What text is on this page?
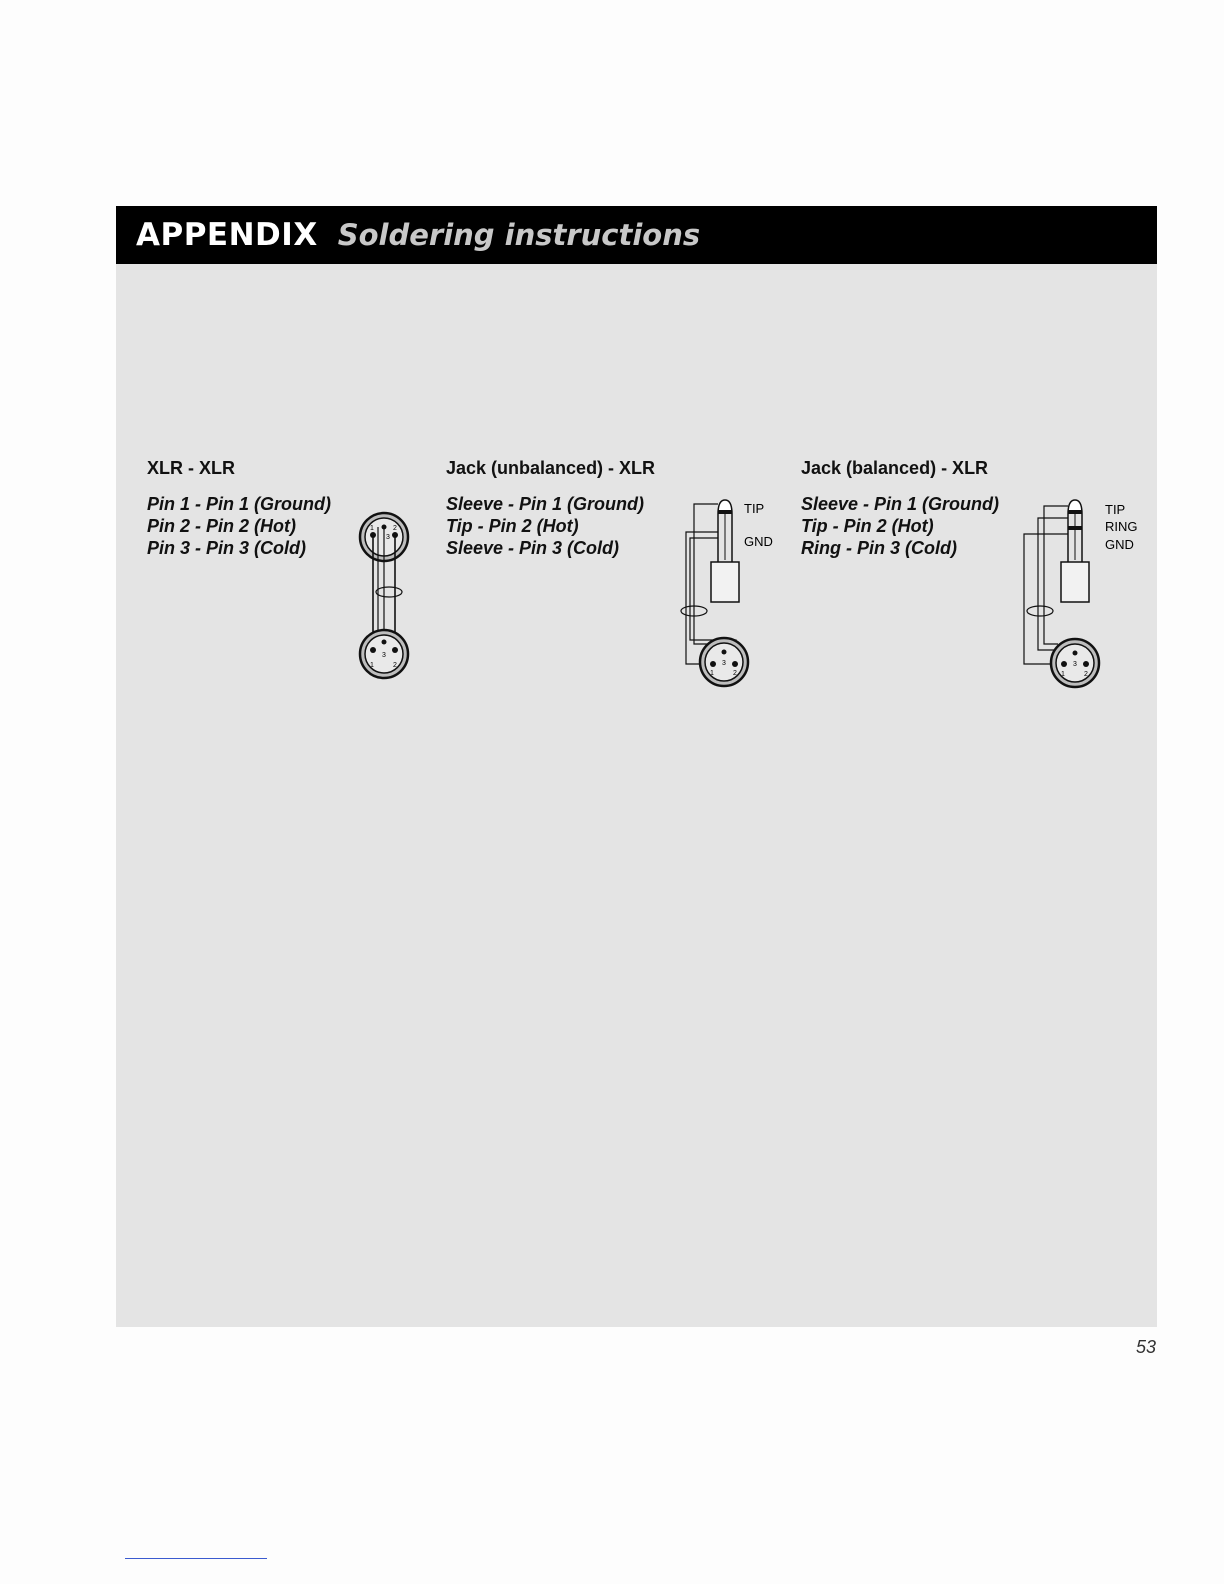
APPENDIX Soldering instructions
XLR - XLR
Pin 1 - Pin 1 (Ground)
Pin 2 - Pin 2 (Hot)
Pin 3 - Pin 3 (Cold)
1	2
3
3
1	2
Jack (unbalanced) - XLR
Sleeve - Pin 1 (Ground)
Tip - Pin 2 (Hot)
Sleeve - Pin 3 (Cold)
TIP
GND
3
1	2
Jack (balanced) - XLR
Sleeve - Pin 1 (Ground)
Tip - Pin 2 (Hot)
Ring - Pin 3 (Cold)
TIP
RING
GND
3
1	2
53
